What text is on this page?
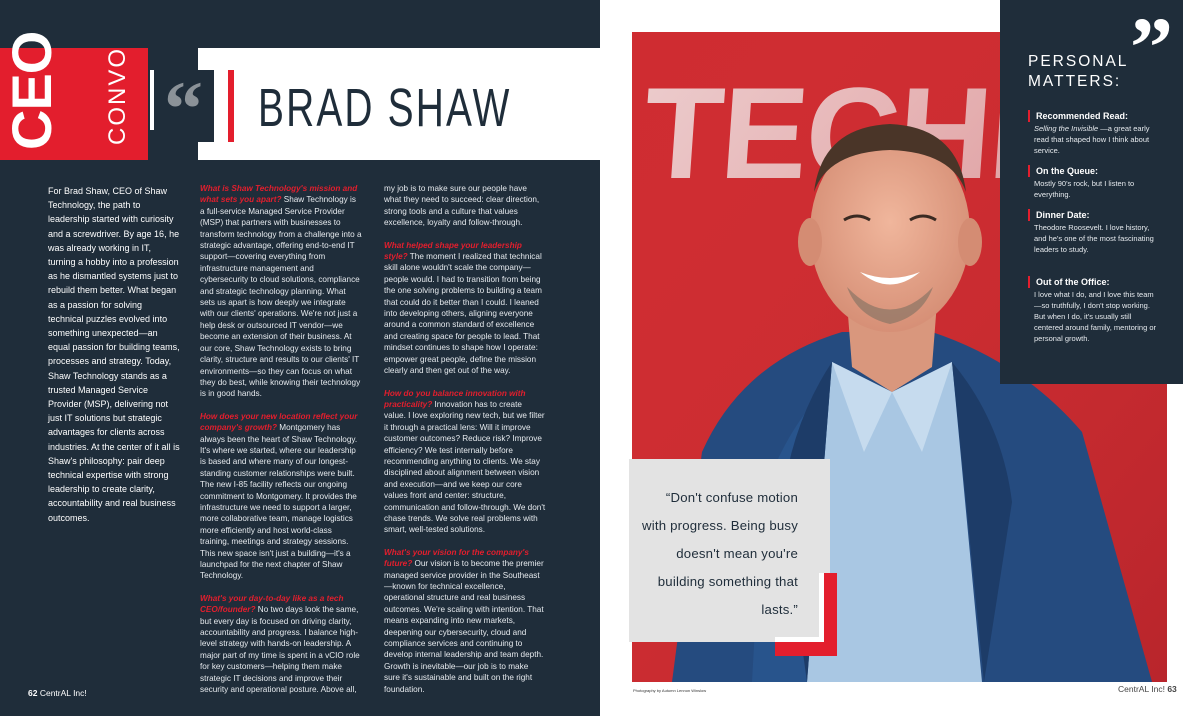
CEO CONVO “ BRAD SHAW

For Brad Shaw, CEO of Shaw Technology, the path to leadership started with curiosity and a screwdriver. By age 16, he was already working in IT, turning a hobby into a profession as he dismantled systems just to rebuild them better. What began as a passion for solving technical puzzles evolved into something unexpected—an equal passion for building teams, processes and strategy. Today, Shaw Technology stands as a trusted Managed Service Provider (MSP), delivering not just IT solutions but strategic advantages for clients across industries. At the center of it all is Shaw's philosophy: pair deep technical expertise with strong leadership to create clarity, accountability and real business outcomes.

What is Shaw Technology's mission and what sets you apart? Shaw Technology is a full-service Managed Service Provider (MSP) that partners with businesses to transform technology from a challenge into a strategic advantage, offering end-to-end IT support—covering everything from infrastructure management and cybersecurity to cloud solutions, compliance and strategic technology planning. What sets us apart is how deeply we integrate with our clients' operations. We're not just a help desk or outsourced IT vendor—we become an extension of their business. At our core, Shaw Technology exists to bring clarity, structure and results to our clients' IT environments—so they can focus on what they do best, while knowing their technology is in good hands.

How does your new location reflect your company's growth? Montgomery has always been the heart of Shaw Technology. It's where we started, where our leadership is based and where many of our longest-standing customer relationships were built. The new I-85 facility reflects our ongoing commitment to Montgomery. It provides the infrastructure we need to support a larger, more collaborative team, manage logistics more efficiently and host world-class training, meetings and strategy sessions. This new space isn't just a building—it's a launchpad for the next chapter of Shaw Technology.

What's your day-to-day like as a tech CEO/founder? No two days look the same, but every day is focused on driving clarity, accountability and progress. I balance high-level strategy with hands-on leadership. A major part of my time is spent in a vCIO role for key customers—helping them make strategic IT decisions and improve their security and operational posture. Above all,

my job is to make sure our people have what they need to succeed: clear direction, strong tools and a culture that values excellence, loyalty and follow-through.

What helped shape your leadership style? The moment I realized that technical skill alone wouldn't scale the company—people would. I had to transition from being the one solving problems to building a team that could do it better than I could. I leaned into developing others, aligning everyone around a common standard of excellence and creating space for people to lead. That mindset continues to shape how I operate: empower great people, define the mission clearly and then get out of the way.

How do you balance innovation with practicality? Innovation has to create value. I love exploring new tech, but we filter it through a practical lens: Will it improve customer outcomes? Reduce risk? Improve efficiency? We test internally before recommending anything to clients. We stay disciplined about alignment between vision and execution—and we keep our core values front and center: structure, communication and follow-through. We don't chase trends. We solve real problems with smart, well-tested solutions.

What's your vision for the company's future? Our vision is to become the premier managed service provider in the Southeast—known for technical excellence, operational structure and real business outcomes. We're scaling with intention. That means expanding into new markets, deepening our cybersecurity, cloud and compliance services and continuing to develop internal leadership and team depth. Growth is inevitable—our job is to make sure it's sustainable and built on the right foundation.

62 CentrAL Inc!	Photography by Autumn Lennon Winslow
”
PERSONAL
MATTERS:
Recommended Read:
Selling the Invisible —a great early read that shaped how I think about service.
On the Queue:
Mostly 90's rock, but I listen to everything.
Dinner Date:
Theodore Roosevelt. I love history, and he's one of the most fascinating leaders to study.
Out of the Office:
I love what I do, and I love this team—so truthfully, I don't stop working. But when I do, it's usually still centered around family, mentoring or personal growth.
“Don't confuse motion with progress. Being busy doesn't mean you're building something that lasts.”
CentrAL Inc! 63
